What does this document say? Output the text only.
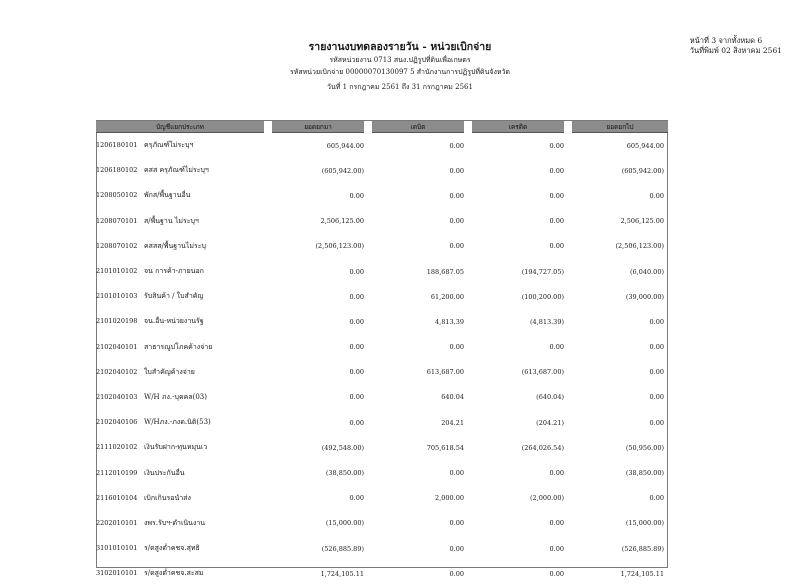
หน้าที่ 3 จากทั้งหมด 6
วันที่พิมพ์ 02 สิงหาคม 2561
รายงานงบทดลองรายวัน - หน่วยเบิกจ่าย
รหัสหน่วยงาน 0713 สนง.ปฏิรูปที่ดินเพื่อเกษตร
รหัสหน่วยเบิกจ่าย 00000070130097 5 สำนักงานการปฏิรูปที่ดินจังหวัด
วันที่ 1 กรกฎาคม 2561 ถึง 31 กรกฎาคม 2561
บัญชีแยกประเภท	ยอดยกมา	เดบิต	เครดิต	ยอดยกไป
1206180101 ครุภัณฑ์ไม่ระบุฯ	605,944.00	0.00	0.00	605,944.00
1206180102 คสส ครุภัณฑ์ไม่ระบุฯ	(605,942.00)	0.00	0.00	(605,942.00)
1208050102 พักส/พื้นฐานอื่น	0.00	0.00	0.00	0.00
1208070101 ส/พื้นฐาน ไม่ระบุฯ	2,506,125.00	0.00	0.00	2,506,125.00
1208070102 คสสส/พื้นฐานไม่ระบุ	(2,506,123.00)	0.00	0.00	(2,506,123.00)
2101010102 จน การค้า-ภายนอก	0.00	188,687.05	(194,727.05)	(6,040.00)
2101010103 รับสินค้า / ใบสำคัญ	0.00	61,200.00	(100,200.00)	(39,000.00)
2101020198 จน.อื่น-หน่วยงานรัฐ	0.00	4,813.39	(4,813.39)	0.00
2102040101 สาธารณูปโภคค้างจ่าย	0.00	0.00	0.00	0.00
2102040102 ใบสำคัญค้างจ่าย	0.00	613,687.00	(613,687.00)	0.00
2102040103 W/H ภง.-บุคคล(03)	0.00	640.04	(640.04)	0.00
2102040106 W/Hภง.-ภงด.นิติ(53)	0.00	204.21	(204.21)	0.00
2111020102 เงินรับฝาก-ทุนหมุนเว	(492,548.00)	705,618.54	(264,026.54)	(50,956.00)
2112010199 เงินประกันอื่น	(38,850.00)	0.00	0.00	(38,850.00)
2116010104 เบิกเกินรอนำส่ง	0.00	2,000.00	(2,000.00)	0.00
2202010101 งพร.รับฯ-ดำเนินงาน	(15,000.00)	0.00	0.00	(15,000.00)
3101010101 ร/ดสูงต่ำคชจ.สุทธิ	(526,885.89)	0.00	0.00	(526,885.89)
3102010101 ร/ดสูงต่ำคชจ.สะสม	1,724,105.11	0.00	0.00	1,724,105.11
